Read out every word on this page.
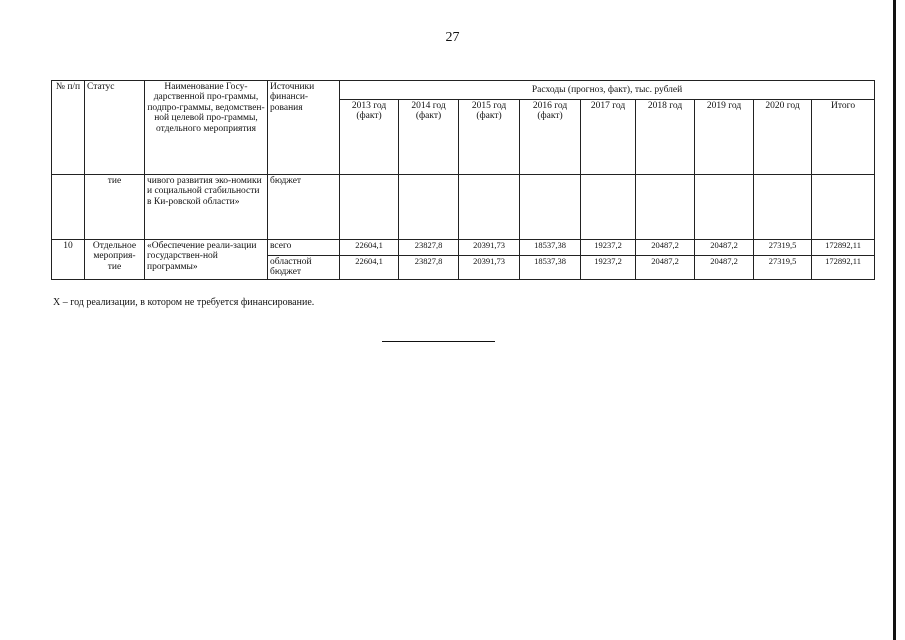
27
№ п/п	Статус	Наименование Госу-дарственной про-граммы, подпро-граммы, ведомствен-ной целевой про-граммы, отдельного мероприятия	Источники финанси-рования	Расходы (прогноз, факт), тыс. рублей								
				2013 год (факт)	2014 год (факт)	2015 год (факт)	2016 год (факт)	2017 год	2018 год	2019 год	2020 год	Итого
	тие	чивого развития эко-номики и социальной стабильности в Ки-ровской области»	бюджет									
10	Отдельное мероприя-тие	«Обеспечение реали-зации государствен-ной программы»	всего	22604,1	23827,8	20391,73	18537,38	19237,2	20487,2	20487,2	27319,5	172892,11
			областной бюджет	22604,1	23827,8	20391,73	18537,38	19237,2	20487,2	20487,2	27319,5	172892,11
X – год реализации, в котором не требуется финансирование.
